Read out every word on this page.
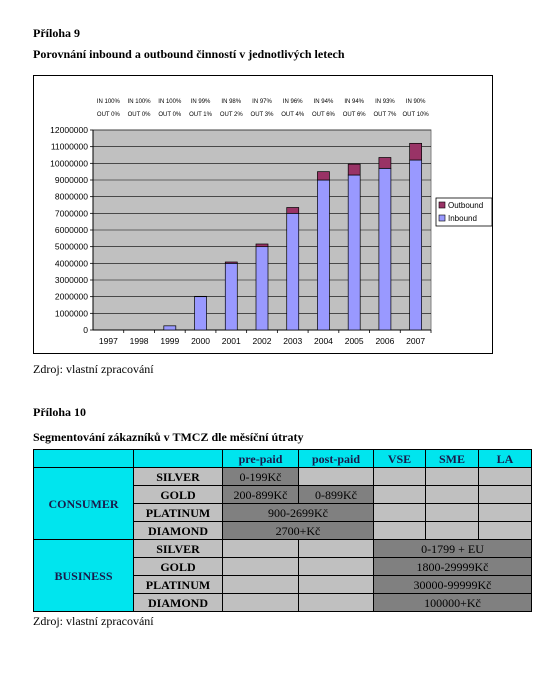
Příloha 9
Porovnání inbound a outbound činností v jednotlivých letech
0
1000000
2000000
3000000
4000000
5000000
6000000
7000000
8000000
9000000
10000000
11000000
12000000
1997
IN 100%
OUT 0%
1998
IN 100%
OUT 0%
1999
IN 100%
OUT 0%
2000
IN 99%
OUT 1%
2001
IN 98%
OUT 2%
2002
IN 97%
OUT 3%
2003
IN 96%
OUT 4%
2004
IN 94%
OUT 6%
2005
IN 94%
OUT 6%
2006
IN 93%
OUT 7%
2007
IN 90%
OUT 10%
Outbound
Inbound
Zdroj: vlastní zpracování
Příloha 10
Segmentování zákazníků v TMCZ dle měsíční útraty
		pre-paid	post-paid	VSE	SME	LA
CONSUMER	SILVER	0-199Kč				
	GOLD	200-899Kč	0-899Kč			
	PLATINUM	900-2699Kč				
	DIAMOND	2700+Kč				
BUSINESS	SILVER			0-1799 + EU		
	GOLD			1800-29999Kč		
	PLATINUM			30000-99999Kč		
	DIAMOND			100000+Kč		
Zdroj: vlastní zpracování
